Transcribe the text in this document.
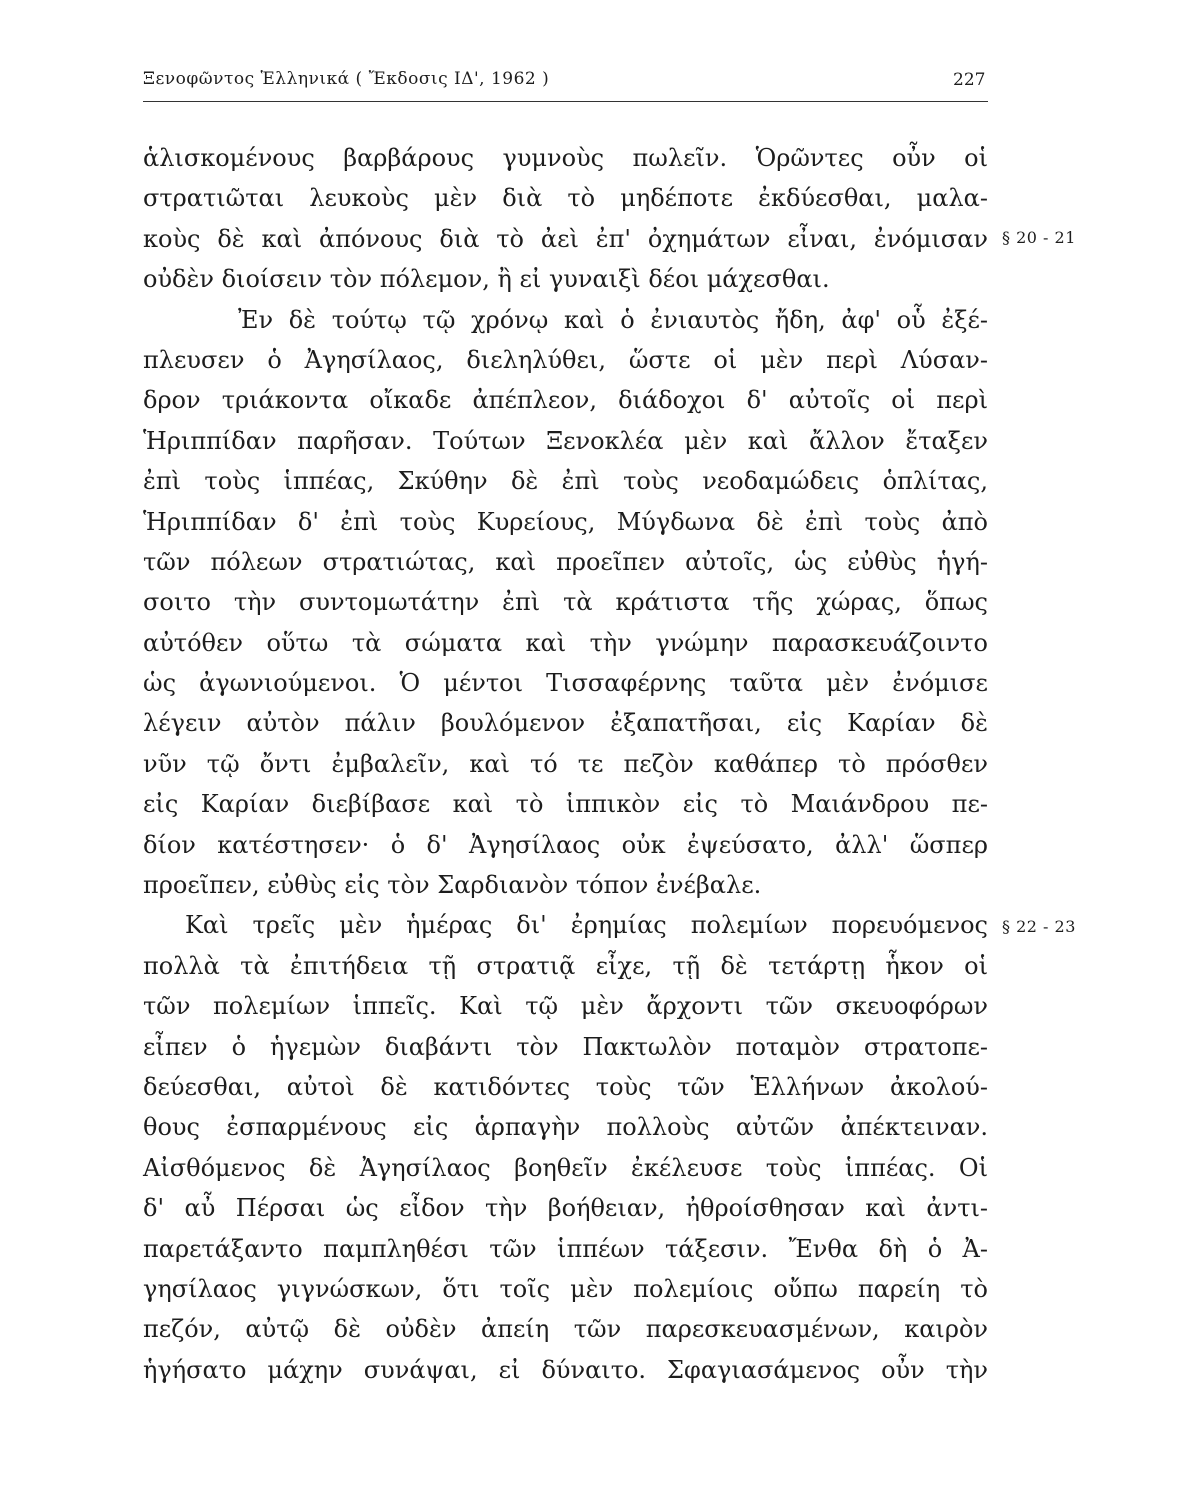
Ξενοφῶντος Ἑλληνικά ( Ἔκδοσις ΙΔ', 1962 )	227
§ 20 - 21
§ 22 - 23
ἁλισκομένους βαρβάρους γυμνοὺς πωλεῖν. Ὁρῶντες οὖν οἱ
στρατιῶται λευκοὺς μὲν διὰ τὸ μηδέποτε ἐκδύεσθαι, μαλα-
κοὺς δὲ καὶ ἀπόνους διὰ τὸ ἀεὶ ἐπ' ὀχημάτων εἶναι, ἐνόμισαν
οὐδὲν διοίσειν τὸν πόλεμον, ἢ εἰ γυναιξὶ δέοι μάχεσθαι.
Ἐν δὲ τούτῳ τῷ χρόνῳ καὶ ὁ ἐνιαυτὸς ἤδη, ἀφ' οὗ ἐξέ-
πλευσεν ὁ Ἀγησίλαος, διεληλύθει, ὥστε οἱ μὲν περὶ Λύσαν-
δρον τριάκοντα οἴκαδε ἀπέπλεον, διάδοχοι δ' αὐτοῖς οἱ περὶ
Ἡριππίδαν παρῆσαν. Τούτων Ξενοκλέα μὲν καὶ ἄλλον ἔταξεν
ἐπὶ τοὺς ἱππέας, Σκύθην δὲ ἐπὶ τοὺς νεοδαμώδεις ὁπλίτας,
Ἡριππίδαν δ' ἐπὶ τοὺς Κυρείους, Μύγδωνα δὲ ἐπὶ τοὺς ἀπὸ
τῶν πόλεων στρατιώτας, καὶ προεῖπεν αὐτοῖς, ὡς εὐθὺς ἡγή-
σοιτο τὴν συντομωτάτην ἐπὶ τὰ κράτιστα τῆς χώρας, ὅπως
αὐτόθεν οὕτω τὰ σώματα καὶ τὴν γνώμην παρασκευάζοιντο
ὡς ἀγωνιούμενοι. Ὁ μέντοι Τισσαφέρνης ταῦτα μὲν ἐνόμισε
λέγειν αὐτὸν πάλιν βουλόμενον ἐξαπατῆσαι, εἰς Καρίαν δὲ
νῦν τῷ ὄντι ἐμβαλεῖν, καὶ τό τε πεζὸν καθάπερ τὸ πρόσθεν
εἰς Καρίαν διεβίβασε καὶ τὸ ἱππικὸν εἰς τὸ Μαιάνδρου πε-
δίον κατέστησεν· ὁ δ' Ἀγησίλαος οὐκ ἐψεύσατο, ἀλλ' ὥσπερ
προεῖπεν, εὐθὺς εἰς τὸν Σαρδιανὸν τόπον ἐνέβαλε.
Καὶ τρεῖς μὲν ἡμέρας δι' ἐρημίας πολεμίων πορευόμενος
πολλὰ τὰ ἐπιτήδεια τῇ στρατιᾷ εἶχε, τῇ δὲ τετάρτῃ ἧκον οἱ
τῶν πολεμίων ἱππεῖς. Καὶ τῷ μὲν ἄρχοντι τῶν σκευοφόρων
εἶπεν ὁ ἡγεμὼν διαβάντι τὸν Πακτωλὸν ποταμὸν στρατοπε-
δεύεσθαι, αὐτοὶ δὲ κατιδόντες τοὺς τῶν Ἑλλήνων ἀκολού-
θους ἐσπαρμένους εἰς ἁρπαγὴν πολλοὺς αὐτῶν ἀπέκτειναν.
Αἰσθόμενος δὲ Ἀγησίλαος βοηθεῖν ἐκέλευσε τοὺς ἱππέας. Οἱ
δ' αὖ Πέρσαι ὡς εἶδον τὴν βοήθειαν, ἠθροίσθησαν καὶ ἀντι-
παρετάξαντο παμπληθέσι τῶν ἱππέων τάξεσιν. Ἔνθα δὴ ὁ Ἀ-
γησίλαος γιγνώσκων, ὅτι τοῖς μὲν πολεμίοις οὔπω παρείη τὸ
πεζόν, αὐτῷ δὲ οὐδὲν ἀπείη τῶν παρεσκευασμένων, καιρὸν
ἡγήσατο μάχην συνάψαι, εἰ δύναιτο. Σφαγιασάμενος οὖν τὴν
